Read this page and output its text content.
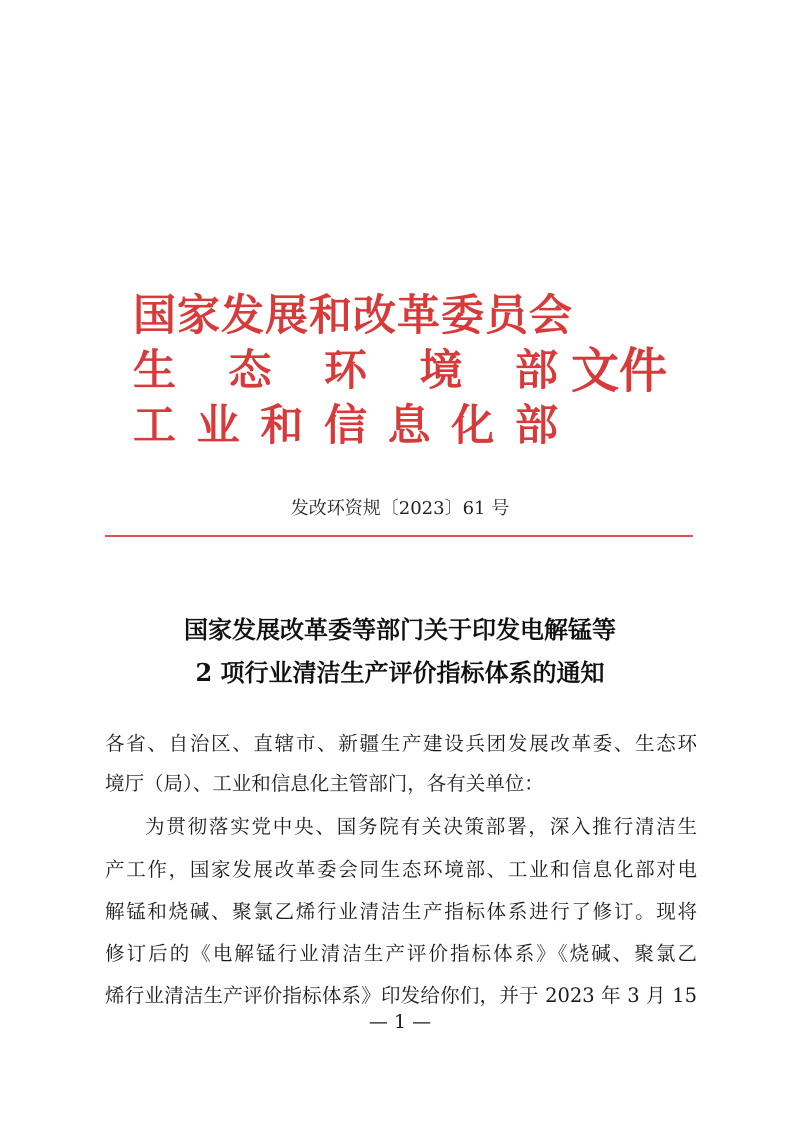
国家发展和改革委员会
生 态 环 境 部
工 业 和 信 息 化 部
文件
发改环资规〔2023〕61 号
国家发展改革委等部门关于印发电解锰等
2 项行业清洁生产评价指标体系的通知
各省、自治区、直辖市、新疆生产建设兵团发展改革委、生态环
境厅（局）、工业和信息化主管部门，各有关单位：
为贯彻落实党中央、国务院有关决策部署，深入推行清洁生
产工作，国家发展改革委会同生态环境部、工业和信息化部对电
解锰和烧碱、聚氯乙烯行业清洁生产指标体系进行了修订。现将
修订后的《电解锰行业清洁生产评价指标体系》《烧碱、聚氯乙
烯行业清洁生产评价指标体系》印发给你们，并于 2023 年 3 月 15
— 1 —
